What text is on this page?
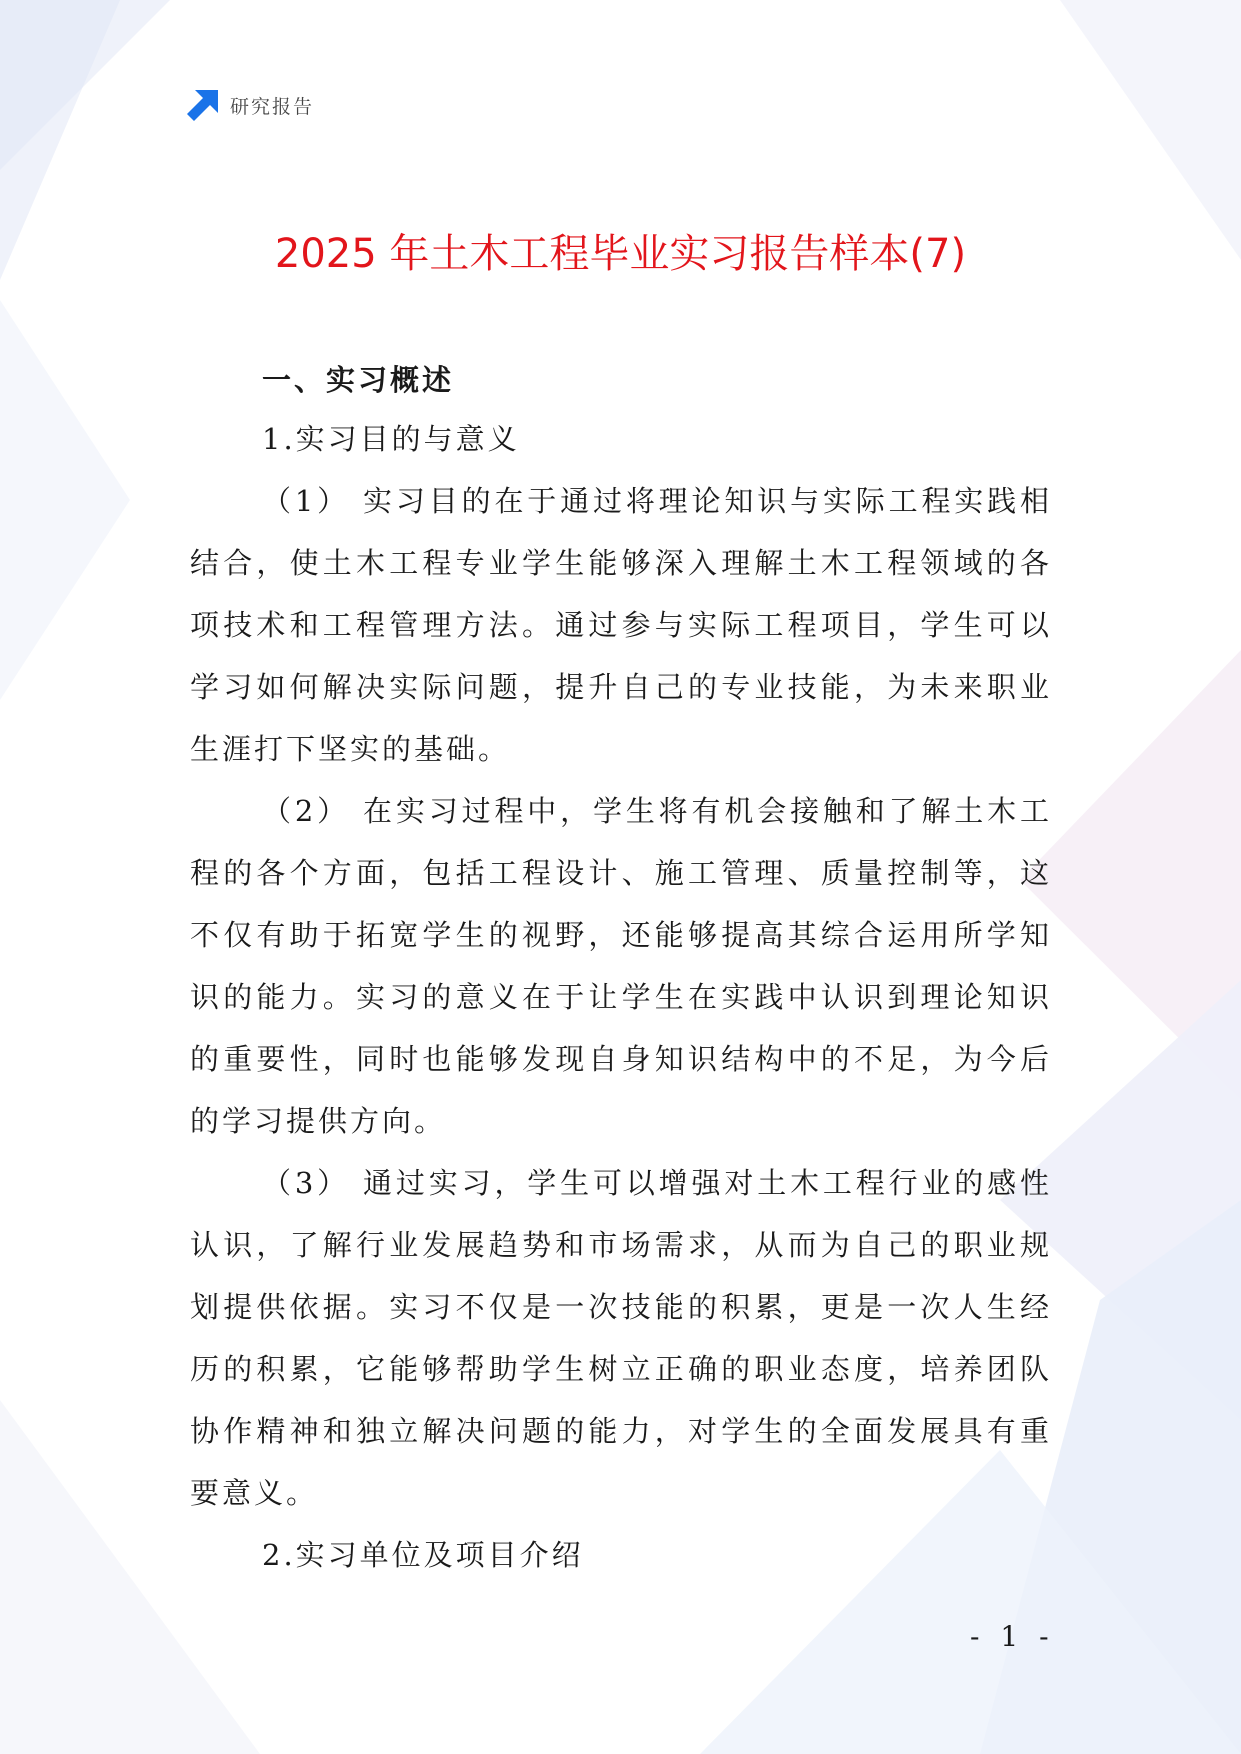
研究报告
2025 年土木工程毕业实习报告样本(7)

一、实习概述

1.实习目的与意义

（1） 实习目的在于通过将理论知识与实际工程实践相结合，使土木工程专业学生能够深入理解土木工程领域的各项技术和工程管理方法。通过参与实际工程项目，学生可以学习如何解决实际问题，提升自己的专业技能，为未来职业生涯打下坚实的基础。

（2） 在实习过程中，学生将有机会接触和了解土木工程的各个方面，包括工程设计、施工管理、质量控制等，这不仅有助于拓宽学生的视野，还能够提高其综合运用所学知识的能力。实习的意义在于让学生在实践中认识到理论知识的重要性，同时也能够发现自身知识结构中的不足，为今后的学习提供方向。

（3） 通过实习，学生可以增强对土木工程行业的感性认识，了解行业发展趋势和市场需求，从而为自己的职业规划提供依据。实习不仅是一次技能的积累，更是一次人生经历的积累，它能够帮助学生树立正确的职业态度，培养团队协作精神和独立解决问题的能力，对学生的全面发展具有重要意义。

2.实习单位及项目介绍

- 1 -
